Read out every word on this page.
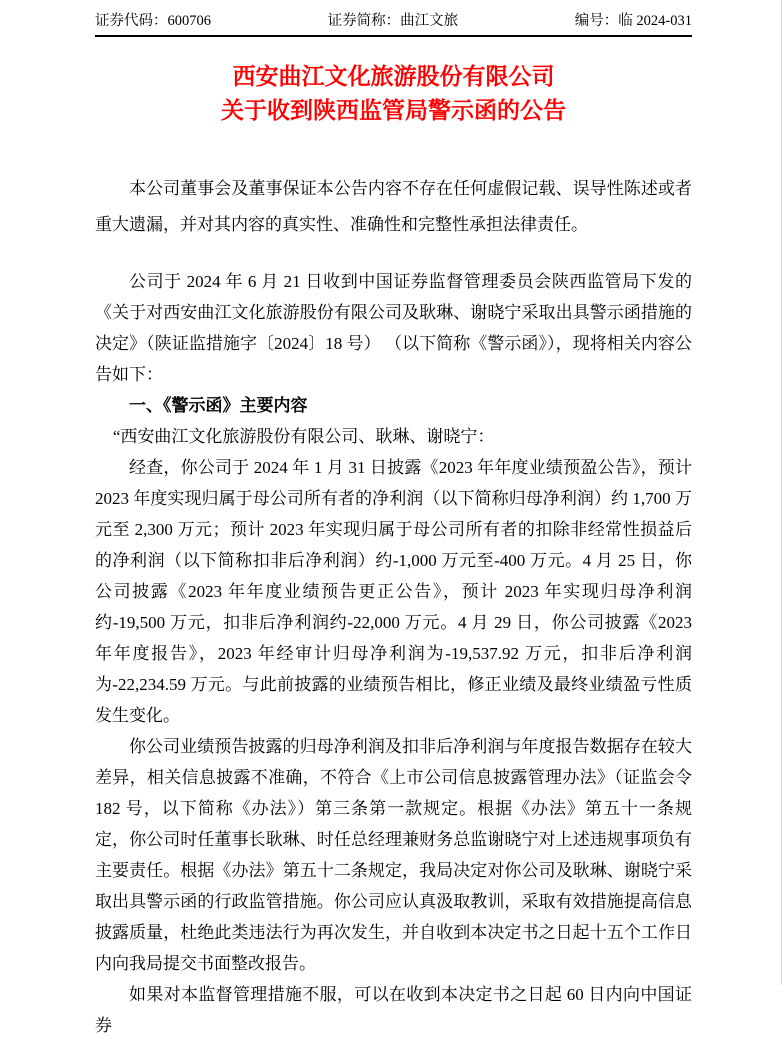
证券代码：600706	证券简称：曲江文旅	编号：临 2024-031
西安曲江文化旅游股份有限公司
关于收到陕西监管局警示函的公告

本公司董事会及董事保证本公告内容不存在任何虚假记载、误导性陈述或者重大遗漏，并对其内容的真实性、准确性和完整性承担法律责任。

公司于 2024 年 6 月 21 日收到中国证券监督管理委员会陕西监管局下发的《关于对西安曲江文化旅游股份有限公司及耿琳、谢晓宁采取出具警示函措施的决定》（陕证监措施字〔2024〕18 号） （以下简称《警示函》），现将相关内容公告如下：

一、《警示函》主要内容

“西安曲江文化旅游股份有限公司、耿琳、谢晓宁：

经查，你公司于 2024 年 1 月 31 日披露《2023 年年度业绩预盈公告》，预计 2023 年度实现归属于母公司所有者的净利润（以下简称归母净利润）约 1,700 万元至 2,300 万元；预计 2023 年实现归属于母公司所有者的扣除非经常性损益后的净利润（以下简称扣非后净利润）约-1,000 万元至-400 万元。4 月 25 日，你公司披露《2023 年年度业绩预告更正公告》，预计 2023 年实现归母净利润约-19,500 万元，扣非后净利润约-22,000 万元。4 月 29 日，你公司披露《2023 年年度报告》，2023 年经审计归母净利润为-19,537.92 万元，扣非后净利润为-22,234.59 万元。与此前披露的业绩预告相比，修正业绩及最终业绩盈亏性质发生变化。

你公司业绩预告披露的归母净利润及扣非后净利润与年度报告数据存在较大差异，相关信息披露不准确，不符合《上市公司信息披露管理办法》（证监会令 182 号，以下简称《办法》）第三条第一款规定。根据《办法》第五十一条规定，你公司时任董事长耿琳、时任总经理兼财务总监谢晓宁对上述违规事项负有主要责任。根据《办法》第五十二条规定，我局决定对你公司及耿琳、谢晓宁采取出具警示函的行政监管措施。你公司应认真汲取教训，采取有效措施提高信息披露质量，杜绝此类违法行为再次发生，并自收到本决定书之日起十五个工作日内向我局提交书面整改报告。

如果对本监督管理措施不服，可以在收到本决定书之日起 60 日内向中国证券
